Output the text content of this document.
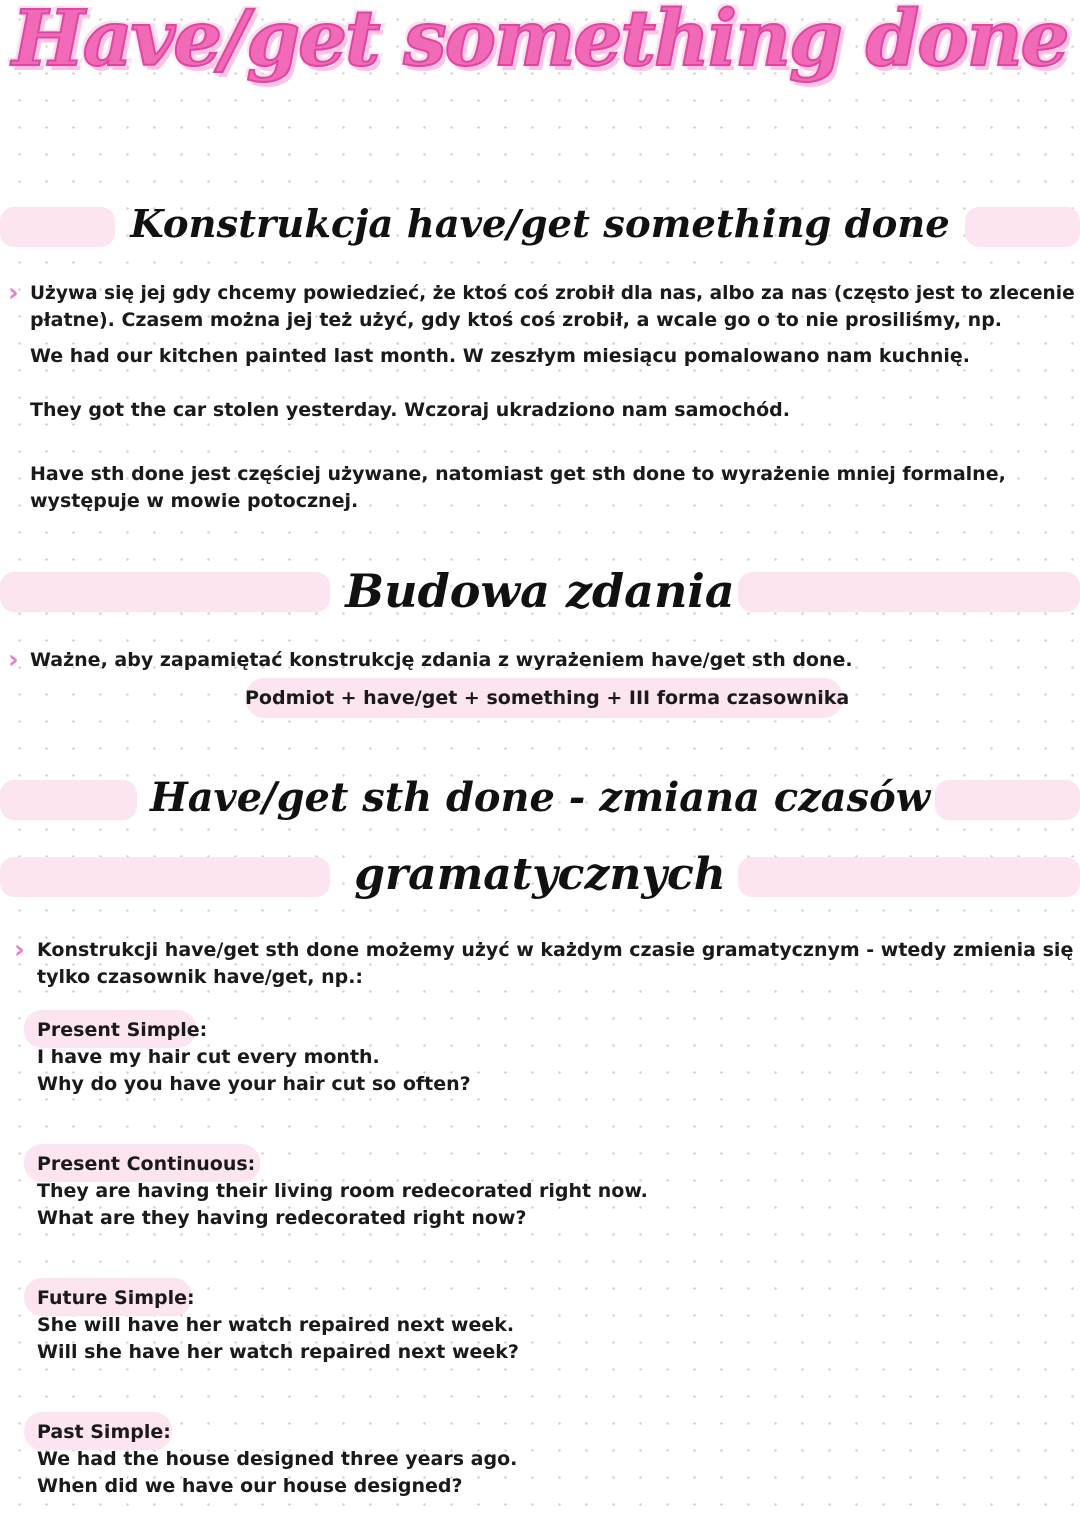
Have/get something done
Konstrukcja have/get something done
› Używa się jej gdy chcemy powiedzieć, że ktoś coś zrobił dla nas, albo za nas (często jest to zlecenie
płatne). Czasem można jej też użyć, gdy ktoś coś zrobił, a wcale go o to nie prosiliśmy, np.
We had our kitchen painted last month. W zeszłym miesiącu pomalowano nam kuchnię.
They got the car stolen yesterday. Wczoraj ukradziono nam samochód.
Have sth done jest częściej używane, natomiast get sth done to wyrażenie mniej formalne,
występuje w mowie potocznej.
Budowa zdania
› Ważne, aby zapamiętać konstrukcję zdania z wyrażeniem have/get sth done.
Podmiot + have/get + something + III forma czasownika
Have/get sth done - zmiana czasów
gramatycznych
› Konstrukcji have/get sth done możemy użyć w każdym czasie gramatycznym - wtedy zmienia się
tylko czasownik have/get, np.:
Present Simple:
I have my hair cut every month.
Why do you have your hair cut so often?
Present Continuous:
They are having their living room redecorated right now.
What are they having redecorated right now?
Future Simple:
She will have her watch repaired next week.
Will she have her watch repaired next week?
Past Simple:
We had the house designed three years ago.
When did we have our house designed?
